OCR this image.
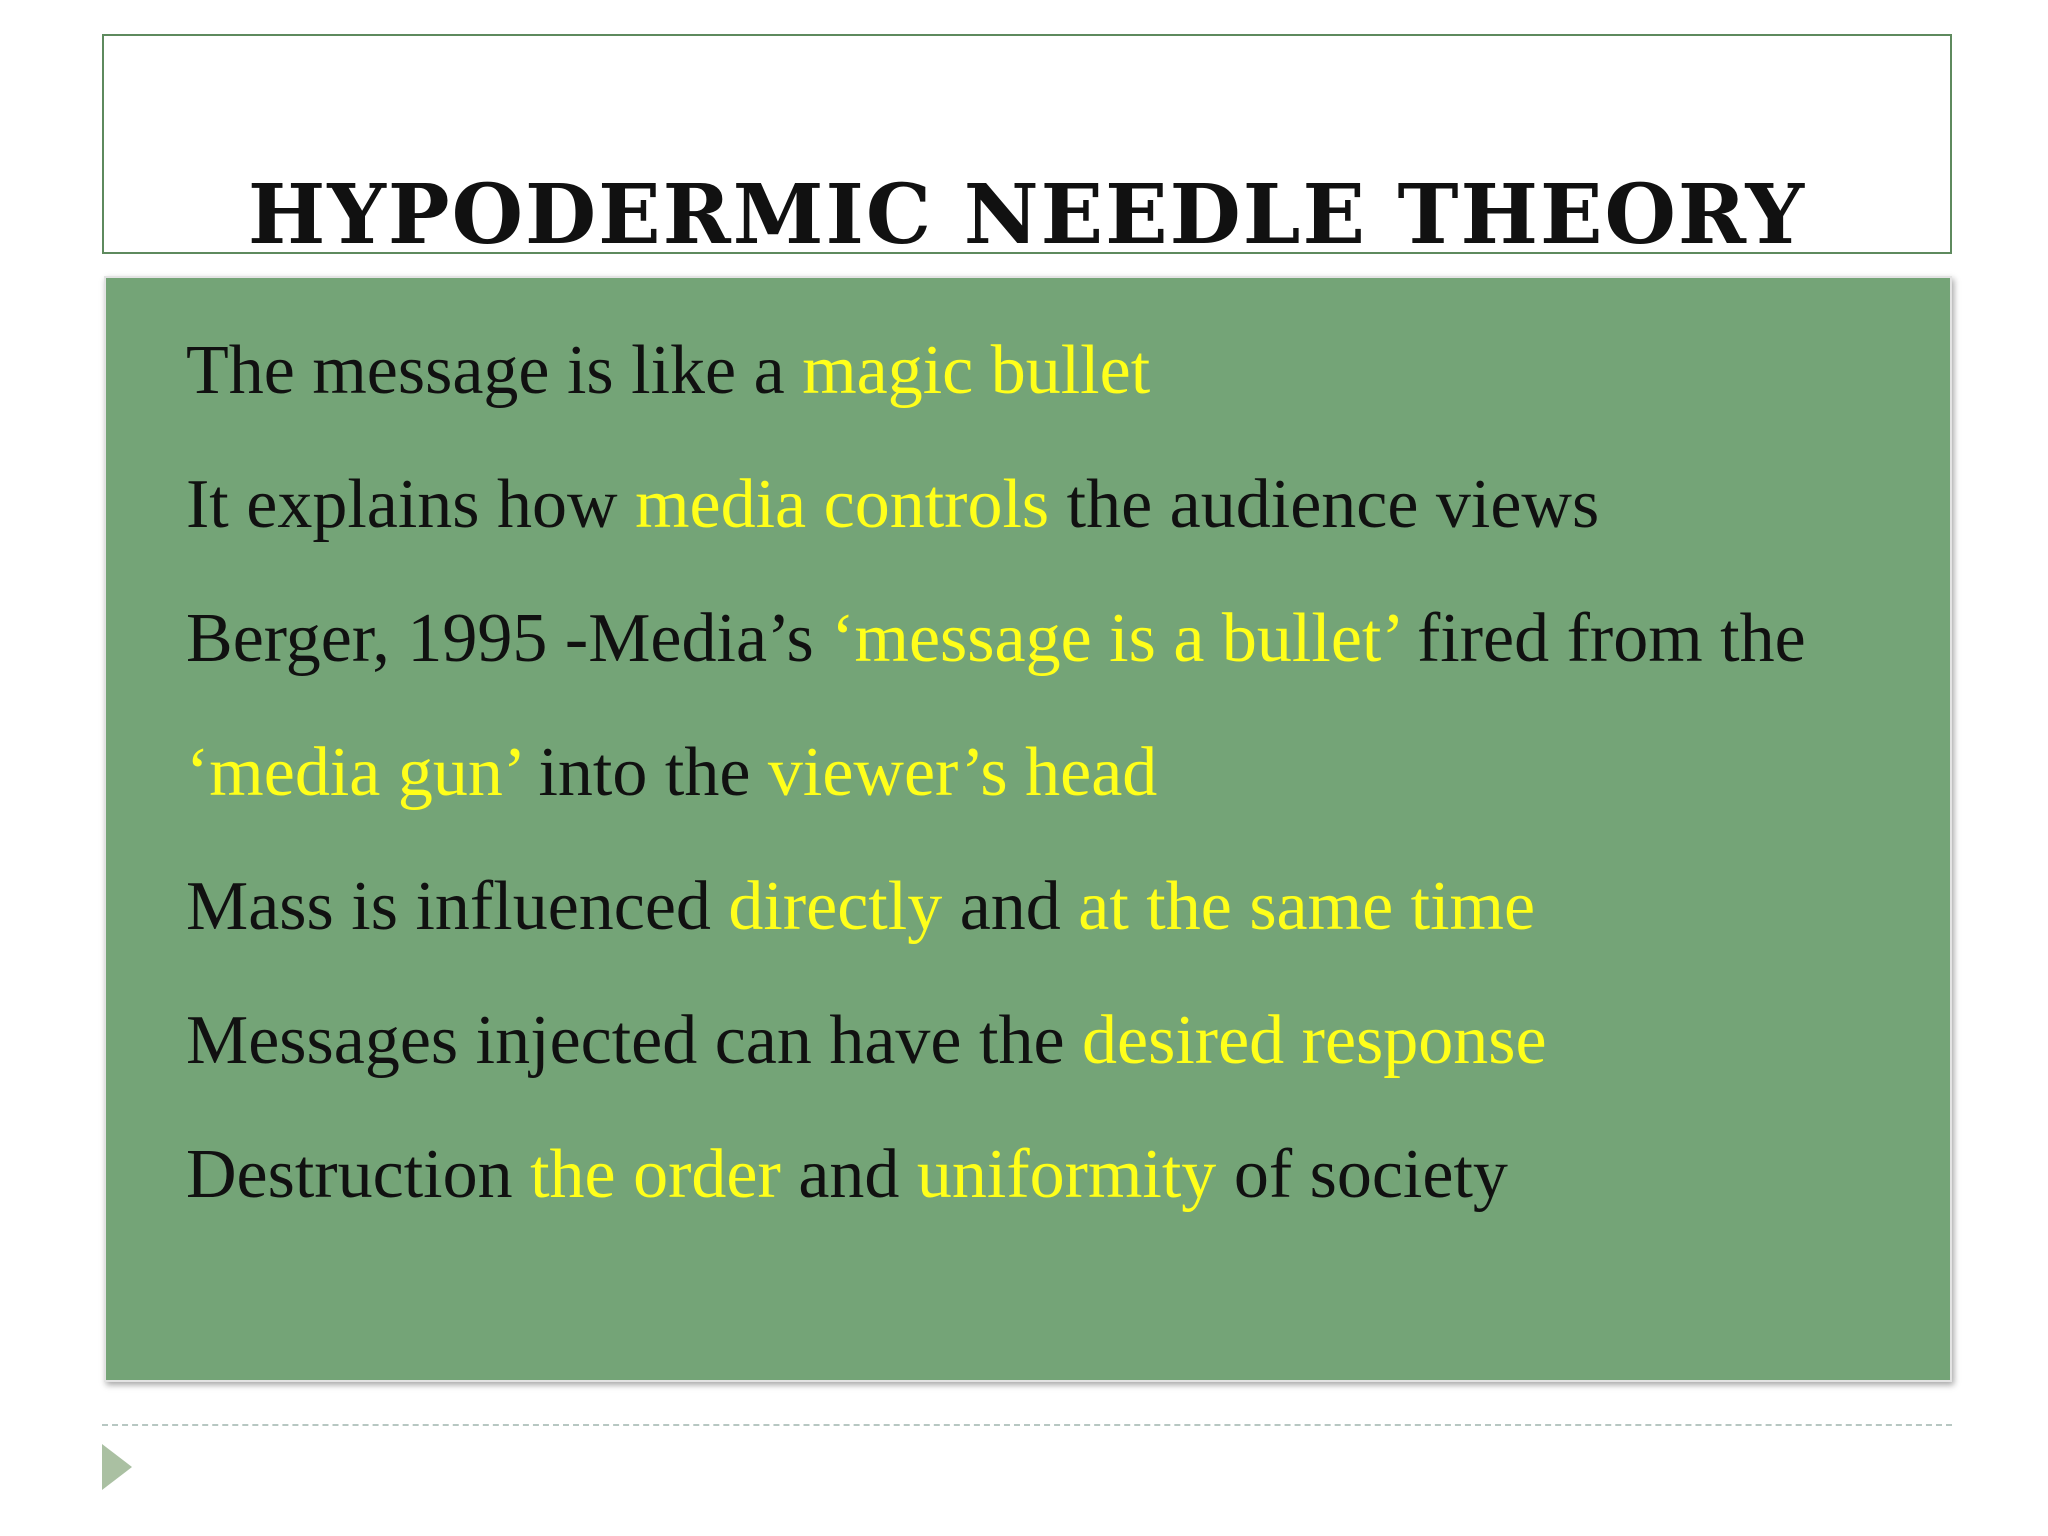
HYPODERMIC NEEDLE THEORY
The message is like a magic bullet
It explains how media controls the audience views
Berger, 1995 -Media’s ‘message is a bullet’ fired from the
‘media gun’ into the viewer’s head
Mass is influenced directly and at the same time
Messages injected can have the desired response
Destruction the order and uniformity of society
